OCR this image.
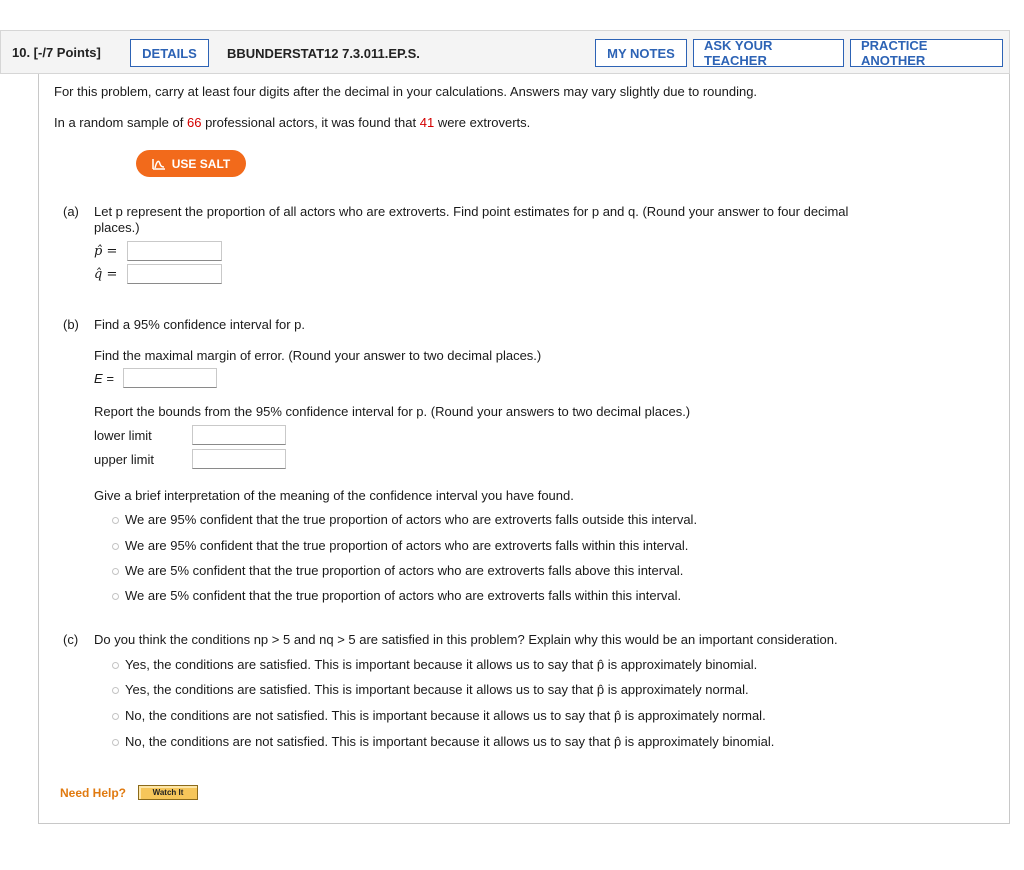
10. [-/7 Points]	DETAILS	BBUNDERSTAT12 7.3.011.EP.S.	MY NOTES	ASK YOUR TEACHER
PRACTICE ANOTHER
For this problem, carry at least four digits after the decimal in your calculations. Answers may vary slightly due to rounding.
In a random sample of 66 professional actors, it was found that 41 were extroverts.
USE SALT
(a) Let p represent the proportion of all actors who are extroverts. Find point estimates for p and q. (Round your answer to four decimal
places.)
p̂ =
q̂ =
(b) Find a 95% confidence interval for p.
Find the maximal margin of error. (Round your answer to two decimal places.)
E =
Report the bounds from the 95% confidence interval for p. (Round your answers to two decimal places.)
lower limit
upper limit
Give a brief interpretation of the meaning of the confidence interval you have found.
We are 95% confident that the true proportion of actors who are extroverts falls outside this interval.
We are 95% confident that the true proportion of actors who are extroverts falls within this interval.
We are 5% confident that the true proportion of actors who are extroverts falls above this interval.
We are 5% confident that the true proportion of actors who are extroverts falls within this interval.
(c) Do you think the conditions np > 5 and nq > 5 are satisfied in this problem? Explain why this would be an important consideration.
Yes, the conditions are satisfied. This is important because it allows us to say that p̂ is approximately binomial.
Yes, the conditions are satisfied. This is important because it allows us to say that p̂ is approximately normal.
No, the conditions are not satisfied. This is important because it allows us to say that p̂ is approximately normal.
No, the conditions are not satisfied. This is important because it allows us to say that p̂ is approximately binomial.
Need Help?	Watch It
